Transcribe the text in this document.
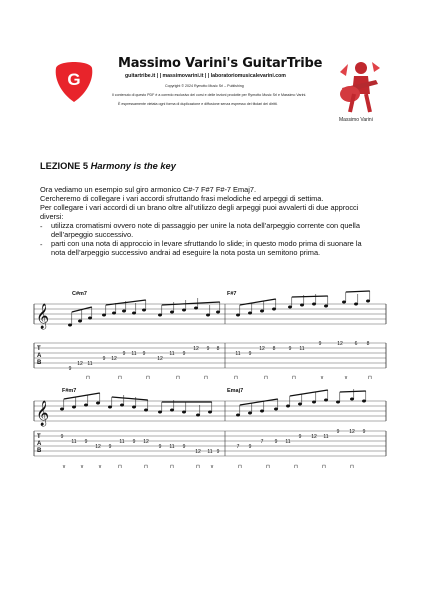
G
Massimo Varini's GuitarTribe
guitartribe.it | | massimovarini.it | | laboratoriomusicalevarini.com
Copyright © 2024 Rymotto Music Srl – Publishing
Il contenuto di questo PDF è a corredo esclusivo dei corsi e delle lezioni prodotte per Rymotto Music Srl e Massimo Varini.
È espressamente vietata ogni forma di duplicazione e diffusione senza espresso dei titolari dei diritti.
Massimo Varini
LEZIONE 5 Harmony is the key
Ora vediamo un esempio sul giro armonico C#-7 F#7 F#-7 Emaj7.
Cercheremo di collegare i vari accordi sfruttando frasi melodiche ed arpeggi di settima.
Per collegare i vari accordi di un brano oltre all’utilizzo degli arpeggi puoi avvalerti di due approcci
diversi:
- utilizza cromatismi ovvero note di passaggio per unire la nota dell’arpeggio corrente con quella
dell’arpeggio successivo.
- parti con una nota di approccio in levare sfruttando lo slide; in questo modo prima di suonare la
nota dell’arpeggio successivo andrai ad eseguire la nota posta un semitono prima.
C#m7	F#7
𝄞
T
A
B
9
12 11
9 12
9 11 9
12
11 9
12 9 8
11 9
12 8	9 11
9	12 6 8
⊓	⊓	⊓	⊓	⊓	⊓	⊓	⊓	v	v	⊓
F#m7	Emaj7
𝄞
T
A
B
9
11 9
12 9
11 9 12
9 11 9
12 11 9
7 9
7 9 11
9 12 11
9 12 9
v	v	v	⊓	⊓	⊓	⊓ v	⊓	⊓	⊓	⊓	⊓
